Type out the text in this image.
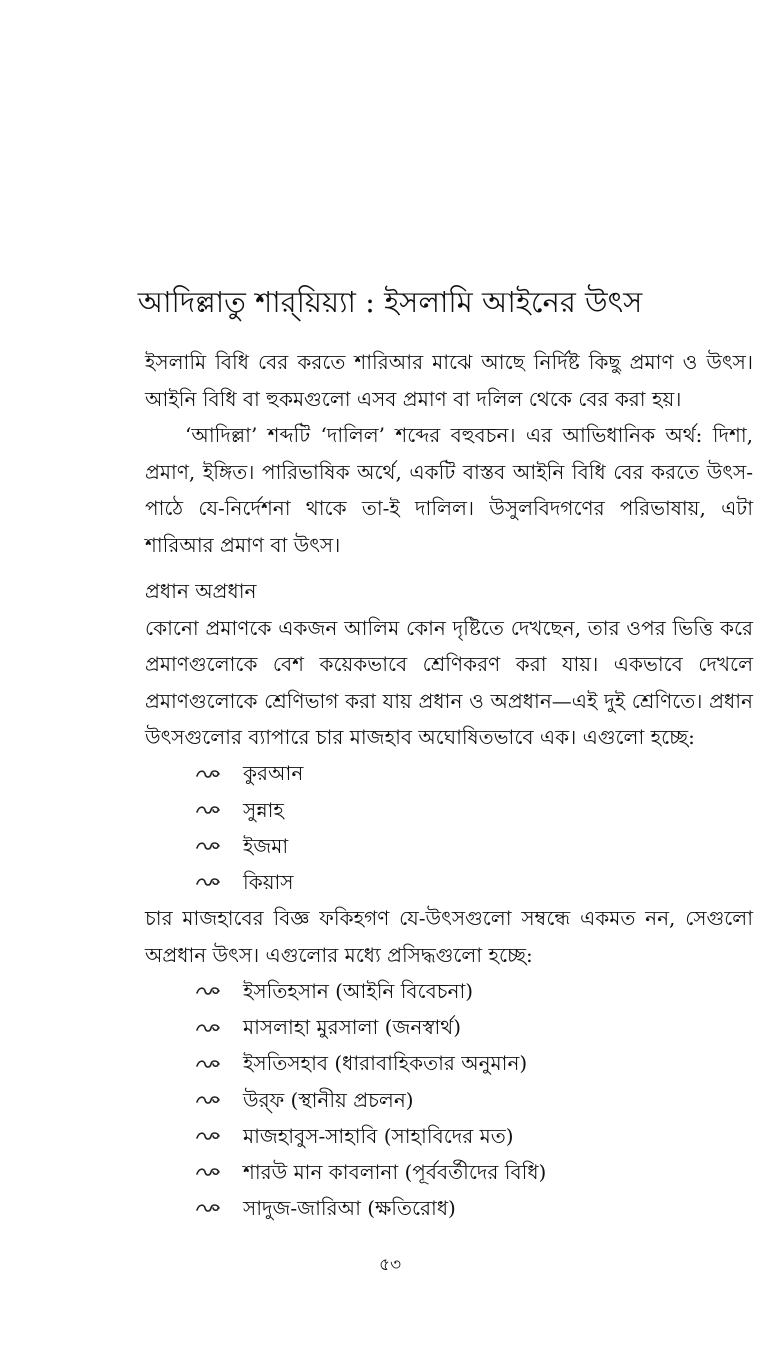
আদিল্লাতু শার্‌য়িয়্যা : ইসলামি আইনের উৎস

ইসলামি বিধি বের করতে শারিআর মাঝে আছে নির্দিষ্ট কিছু প্রমাণ ও উৎস। আইনি বিধি বা হুকমগুলো এসব প্রমাণ বা দলিল থেকে বের করা হয়।

‘আদিল্লা’ শব্দটি ‘দালিল’ শব্দের বহুবচন। এর আভিধানিক অর্থ: দিশা, প্রমাণ, ইঙ্গিত। পারিভাষিক অর্থে, একটি বাস্তব আইনি বিধি বের করতে উৎস-পাঠে যে-নির্দেশনা থাকে তা-ই দালিল। উসুলবিদগণের পরিভাষায়, এটা শারিআর প্রমাণ বা উৎস।

প্রধান অপ্রধান

কোনো প্রমাণকে একজন আলিম কোন দৃষ্টিতে দেখছেন, তার ওপর ভিত্তি করে প্রমাণগুলোকে বেশ কয়েকভাবে শ্রেণিকরণ করা যায়। একভাবে দেখলে প্রমাণগুলোকে শ্রেণিভাগ করা যায় প্রধান ও অপ্রধান—এই দুই শ্রেণিতে। প্রধান উৎসগুলোর ব্যাপারে চার মাজহাব অঘোষিতভাবে এক। এগুলো হচ্ছে:

কুরআন
সুন্নাহ
ইজমা
কিয়াস

চার মাজহাবের বিজ্ঞ ফকিহগণ যে-উৎসগুলো সম্বন্ধে একমত নন, সেগুলো অপ্রধান উৎস। এগুলোর মধ্যে প্রসিদ্ধগুলো হচ্ছে:

ইসতিহসান (আইনি বিবেচনা)
মাসলাহা মুরসালা (জনস্বার্থ)
ইসতিসহাব (ধারাবাহিকতার অনুমান)
উর্‌ফ (স্থানীয় প্রচলন)
মাজহাবুস-সাহাবি (সাহাবিদের মত)
শারউ মান কাবলানা (পূর্ববর্তীদের বিধি)
সাদুজ-জারিআ (ক্ষতিরোধ)
৫৩
